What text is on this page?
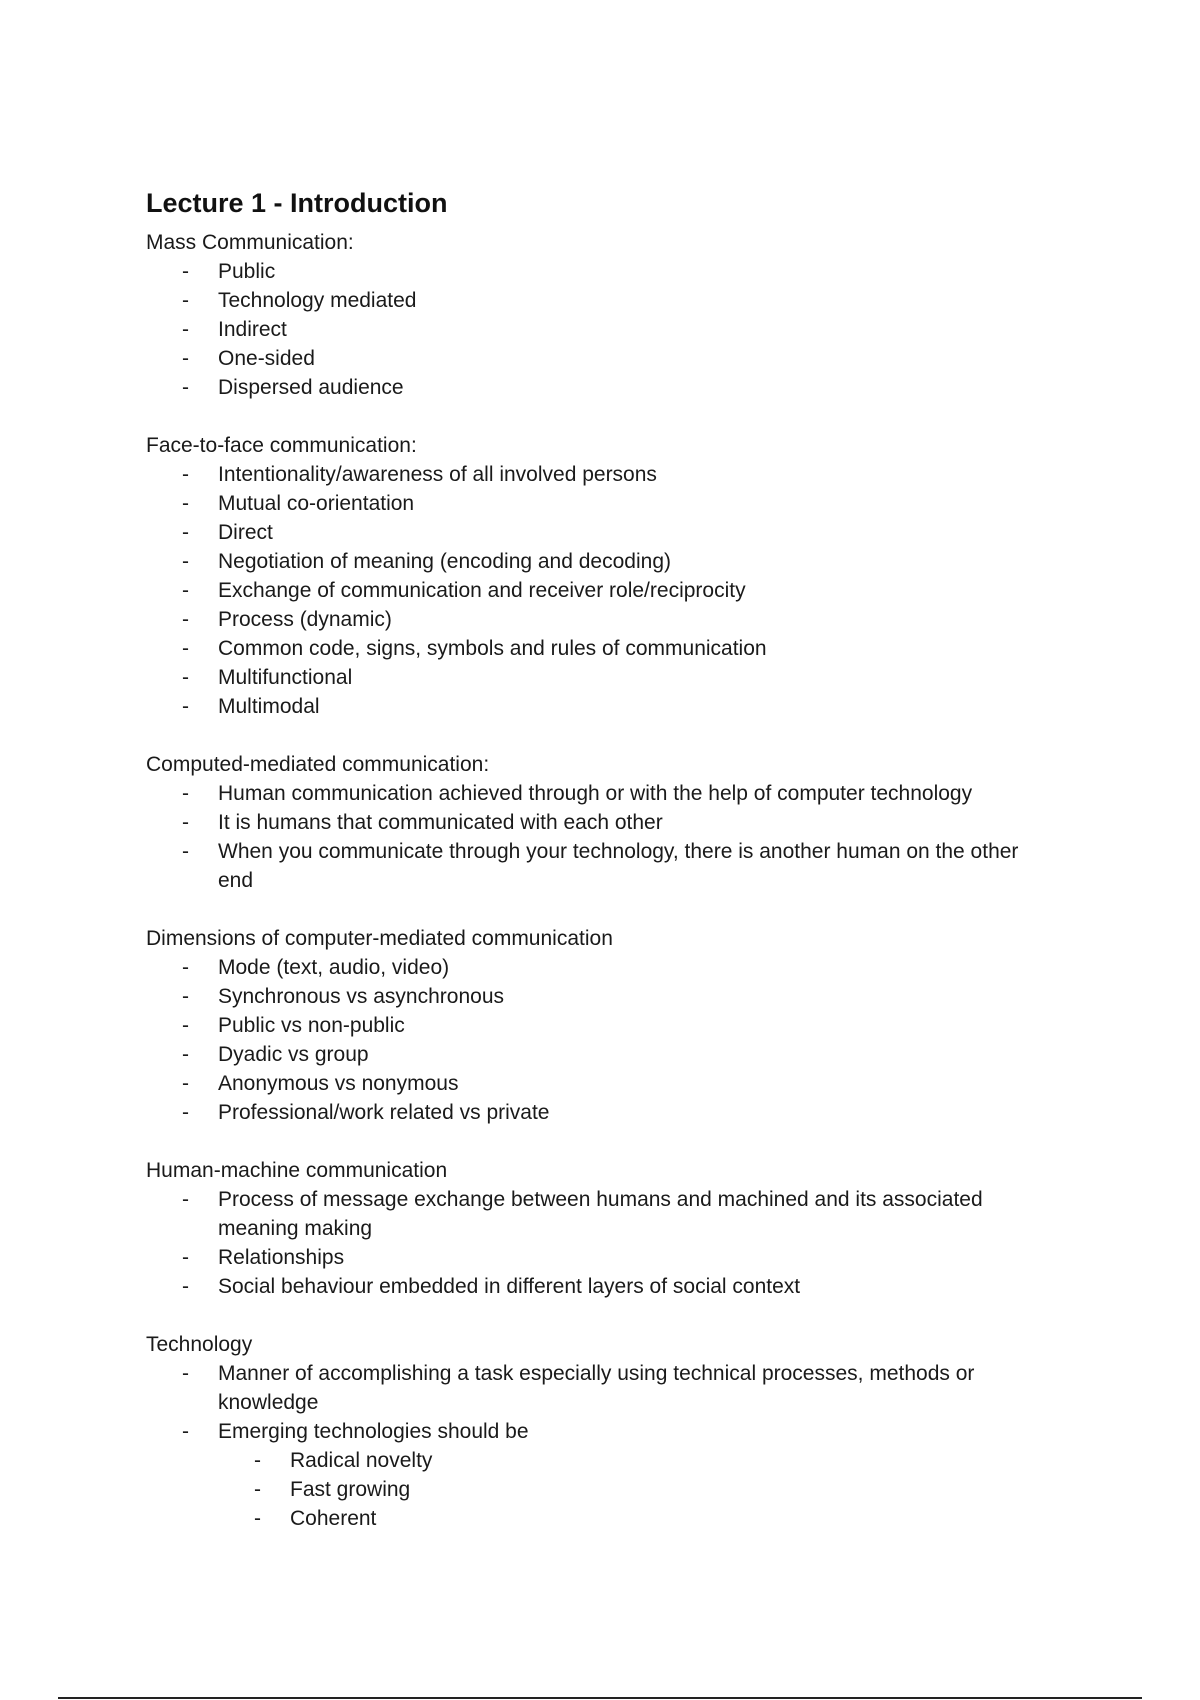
Lecture 1 - Introduction

Mass Communication:

- Public
- Technology mediated
- Indirect
- One-sided
- Dispersed audience

Face-to-face communication:

- Intentionality/awareness of all involved persons
- Mutual co-orientation
- Direct
- Negotiation of meaning (encoding and decoding)
- Exchange of communication and receiver role/reciprocity
- Process (dynamic)
- Common code, signs, symbols and rules of communication
- Multifunctional
- Multimodal

Computed-mediated communication:

- Human communication achieved through or with the help of computer technology
- It is humans that communicated with each other
- When you communicate through your technology, there is another human on the other end

Dimensions of computer-mediated communication

- Mode (text, audio, video)
- Synchronous vs asynchronous
- Public vs non-public
- Dyadic vs group
- Anonymous vs nonymous
- Professional/work related vs private

Human-machine communication

- Process of message exchange between humans and machined and its associated meaning making
- Relationships
- Social behaviour embedded in different layers of social context

Technology

- Manner of accomplishing a task especially using technical processes, methods or knowledge
- Emerging technologies should be
- Radical novelty
- Fast growing
- Coherent
